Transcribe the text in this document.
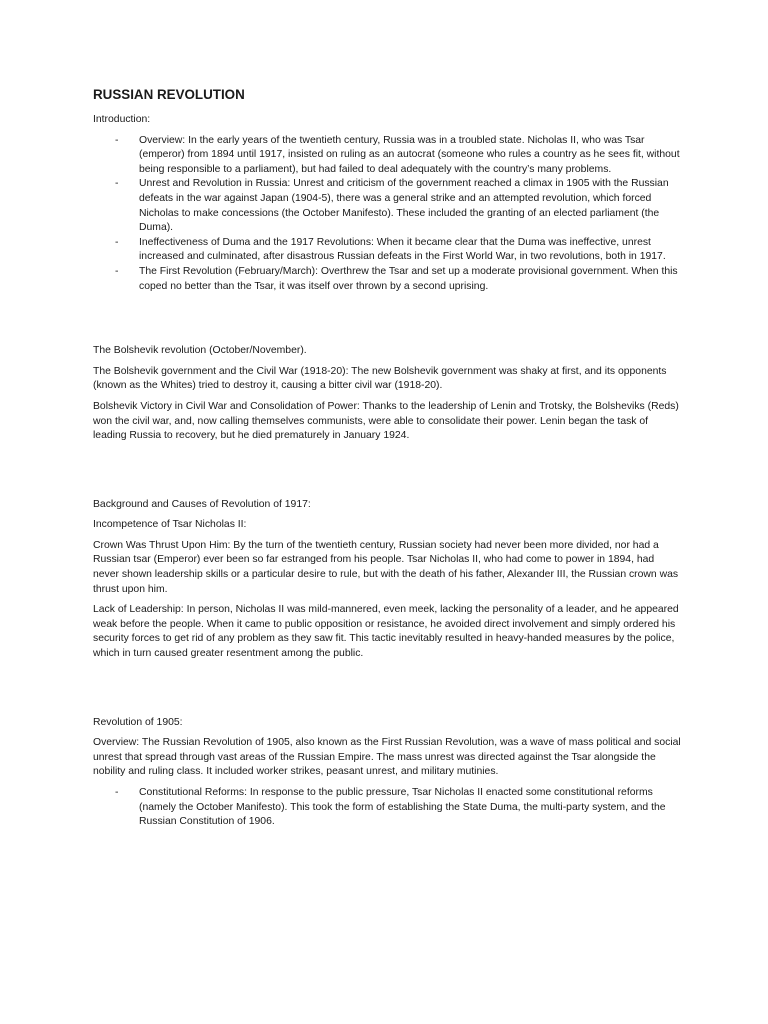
RUSSIAN REVOLUTION

Introduction:

- Overview: In the early years of the twentieth century, Russia was in a troubled state. Nicholas II, who was Tsar (emperor) from 1894 until 1917, insisted on ruling as an autocrat (someone who rules a country as he sees fit, without being responsible to a parliament), but had failed to deal adequately with the country’s many problems.
- Unrest and Revolution in Russia: Unrest and criticism of the government reached a climax in 1905 with the Russian defeats in the war against Japan (1904-5), there was a general strike and an attempted revolution, which forced Nicholas to make concessions (the October Manifesto). These included the granting of an elected parliament (the Duma).
- Ineffectiveness of Duma and the 1917 Revolutions: When it became clear that the Duma was ineffective, unrest increased and culminated, after disastrous Russian defeats in the First World War, in two revolutions, both in 1917.
- The First Revolution (February/March): Overthrew the Tsar and set up a moderate provisional government. When this coped no better than the Tsar, it was itself over thrown by a second uprising.

The Bolshevik revolution (October/November).

The Bolshevik government and the Civil War (1918-20): The new Bolshevik government was shaky at first, and its opponents (known as the Whites) tried to destroy it, causing a bitter civil war (1918-20).

Bolshevik Victory in Civil War and Consolidation of Power: Thanks to the leadership of Lenin and Trotsky, the Bolsheviks (Reds) won the civil war, and, now calling themselves communists, were able to consolidate their power. Lenin began the task of leading Russia to recovery, but he died prematurely in January 1924.

Background and Causes of Revolution of 1917:

Incompetence of Tsar Nicholas II:

Crown Was Thrust Upon Him: By the turn of the twentieth century, Russian society had never been more divided, nor had a Russian tsar (Emperor) ever been so far estranged from his people. Tsar Nicholas II, who had come to power in 1894, had never shown leadership skills or a particular desire to rule, but with the death of his father, Alexander III, the Russian crown was thrust upon him.

Lack of Leadership: In person, Nicholas II was mild-mannered, even meek, lacking the personality of a leader, and he appeared weak before the people. When it came to public opposition or resistance, he avoided direct involvement and simply ordered his security forces to get rid of any problem as they saw fit. This tactic inevitably resulted in heavy-handed measures by the police, which in turn caused greater resentment among the public.

Revolution of 1905:

Overview: The Russian Revolution of 1905, also known as the First Russian Revolution, was a wave of mass political and social unrest that spread through vast areas of the Russian Empire. The mass unrest was directed against the Tsar alongside the nobility and ruling class. It included worker strikes, peasant unrest, and military mutinies.

- Constitutional Reforms: In response to the public pressure, Tsar Nicholas II enacted some constitutional reforms (namely the October Manifesto). This took the form of establishing the State Duma, the multi-party system, and the Russian Constitution of 1906.
